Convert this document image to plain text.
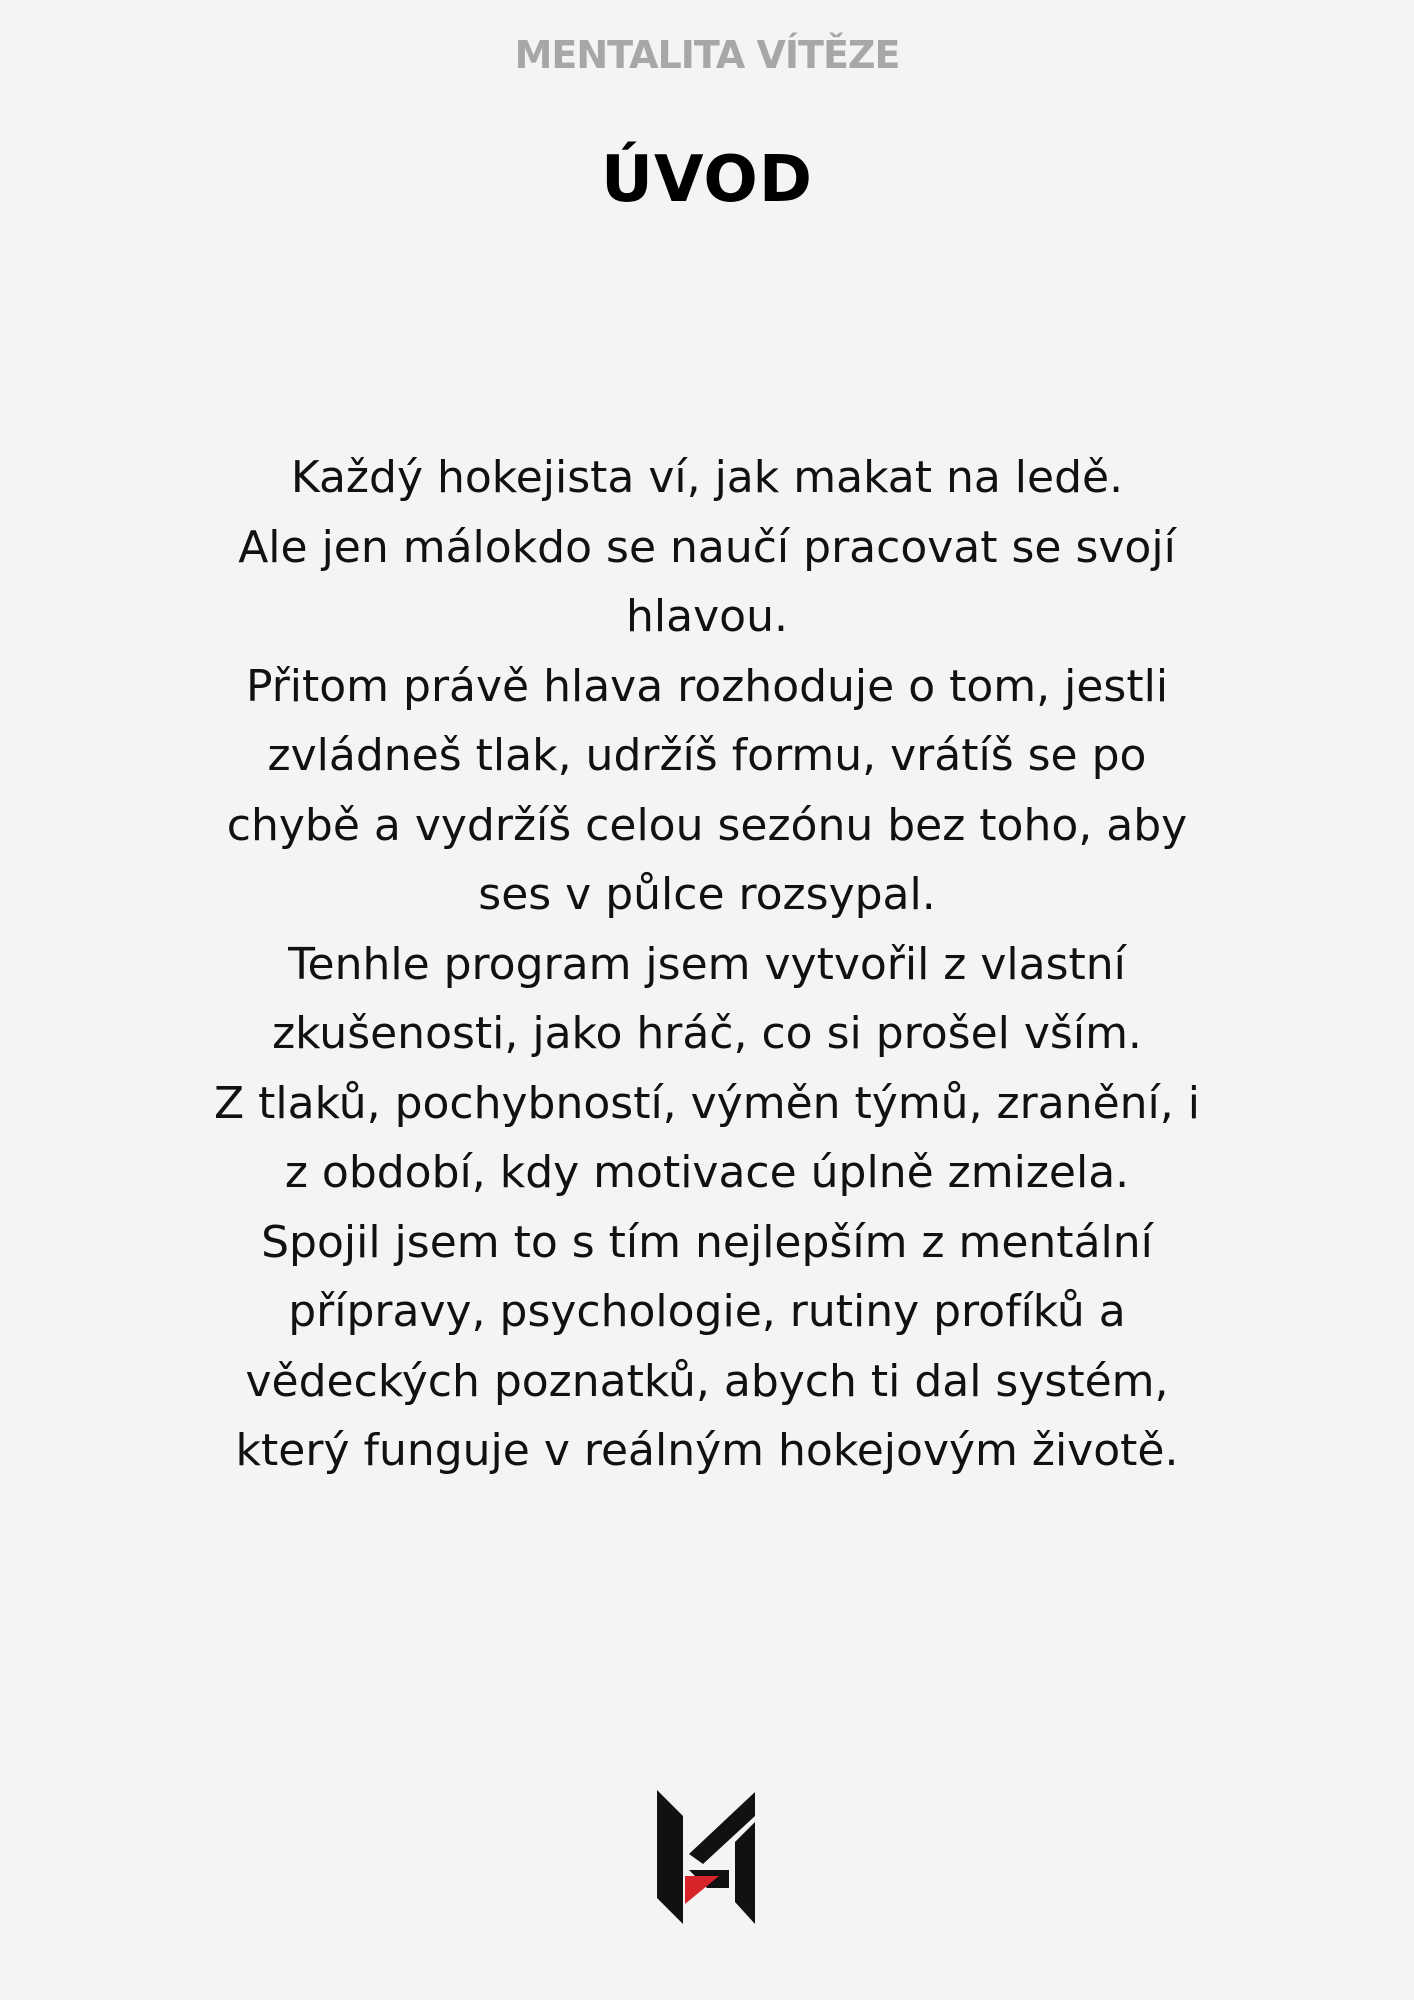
MENTALITA VÍTĚZE
ÚVOD
Každý hokejista ví, jak makat na ledě.
Ale jen málokdo se naučí pracovat se svojí
hlavou.
Přitom právě hlava rozhoduje o tom, jestli
zvládneš tlak, udržíš formu, vrátíš se po
chybě a vydržíš celou sezónu bez toho, aby
ses v půlce rozsypal.
Tenhle program jsem vytvořil z vlastní
zkušenosti, jako hráč, co si prošel vším.
Z tlaků, pochybností, výměn týmů, zranění, i
z období, kdy motivace úplně zmizela.
Spojil jsem to s tím nejlepším z mentální
přípravy, psychologie, rutiny profíků a
vědeckých poznatků, abych ti dal systém,
který funguje v reálným hokejovým životě.
